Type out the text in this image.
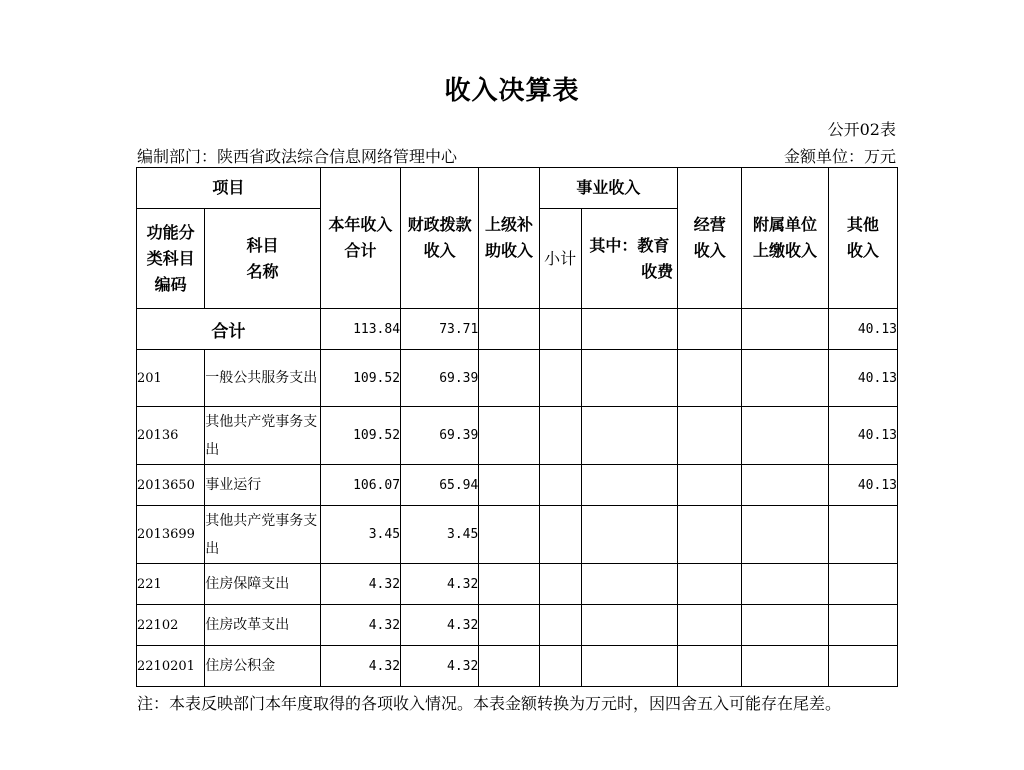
收入决算表
公开02表
编制部门：陕西省政法综合信息网络管理中心	金额单位：万元
项目		本年收入合计	财政拨款收入	上级补助收入	事业收入		经营收入	附属单位上缴收入	其他收入

功能分类科目编码	科目名称				小计	其中：教育
收费			

合计		113.84	73.71						40.13
201	一般公共服务支出	109.52	69.39						40.13
20136	其他共产党事务支出	109.52	69.39						40.13
2013650	事业运行	106.07	65.94						40.13
2013699	其他共产党事务支出	3.45	3.45						
221	住房保障支出	4.32	4.32						
22102	住房改革支出	4.32	4.32						
2210201	住房公积金	4.32	4.32						
注：本表反映部门本年度取得的各项收入情况。本表金额转换为万元时，因四舍五入可能存在尾差。
